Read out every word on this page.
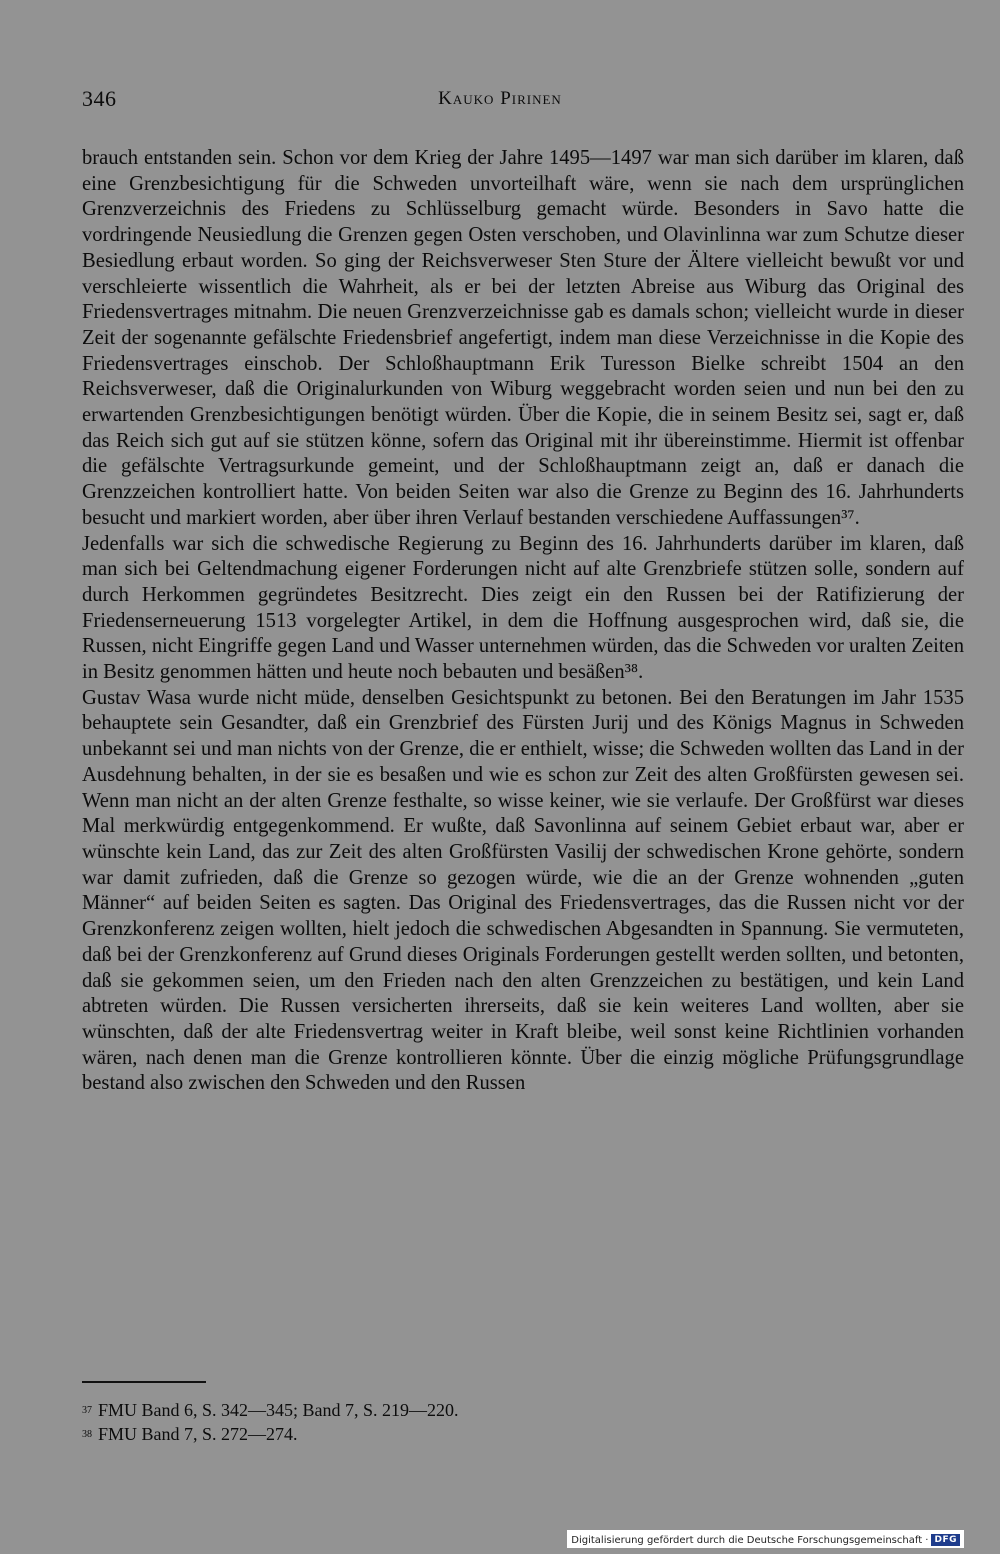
346	Kauko Pirinen

brauch entstanden sein. Schon vor dem Krieg der Jahre 1495—1497 war man sich darüber im klaren, daß eine Grenzbesichtigung für die Schweden unvorteilhaft wäre, wenn sie nach dem ursprünglichen Grenzverzeichnis des Friedens zu Schlüsselburg gemacht würde. Besonders in Savo hatte die vordringende Neusiedlung die Grenzen gegen Osten verschoben, und Olavinlinna war zum Schutze dieser Besiedlung erbaut worden. So ging der Reichsverweser Sten Sture der Ältere vielleicht bewußt vor und verschleierte wissentlich die Wahrheit, als er bei der letzten Abreise aus Wiburg das Original des Friedensvertrages mitnahm. Die neuen Grenzverzeichnisse gab es damals schon; vielleicht wurde in dieser Zeit der sogenannte gefälschte Friedensbrief angefertigt, indem man diese Verzeichnisse in die Kopie des Friedensvertrages einschob. Der Schloßhauptmann Erik Turesson Bielke schreibt 1504 an den Reichsverweser, daß die Originalurkunden von Wiburg weggebracht worden seien und nun bei den zu erwartenden Grenzbesichtigungen benötigt würden. Über die Kopie, die in seinem Besitz sei, sagt er, daß das Reich sich gut auf sie stützen könne, sofern das Original mit ihr übereinstimme. Hiermit ist offenbar die gefälschte Vertragsurkunde gemeint, und der Schloßhauptmann zeigt an, daß er danach die Grenzzeichen kontrolliert hatte. Von beiden Seiten war also die Grenze zu Beginn des 16. Jahrhunderts besucht und markiert worden, aber über ihren Verlauf bestanden verschiedene Auffassungen³⁷.

Jedenfalls war sich die schwedische Regierung zu Beginn des 16. Jahrhunderts darüber im klaren, daß man sich bei Geltendmachung eigener Forderungen nicht auf alte Grenzbriefe stützen solle, sondern auf durch Herkommen gegründetes Besitzrecht. Dies zeigt ein den Russen bei der Ratifizierung der Friedenserneuerung 1513 vorgelegter Artikel, in dem die Hoffnung ausgesprochen wird, daß sie, die Russen, nicht Eingriffe gegen Land und Wasser unternehmen würden, das die Schweden vor uralten Zeiten in Besitz genommen hätten und heute noch bebauten und besäßen³⁸.

Gustav Wasa wurde nicht müde, denselben Gesichtspunkt zu betonen. Bei den Beratungen im Jahr 1535 behauptete sein Gesandter, daß ein Grenzbrief des Fürsten Jurij und des Königs Magnus in Schweden unbekannt sei und man nichts von der Grenze, die er enthielt, wisse; die Schweden wollten das Land in der Ausdehnung behalten, in der sie es besaßen und wie es schon zur Zeit des alten Großfürsten gewesen sei. Wenn man nicht an der alten Grenze festhalte, so wisse keiner, wie sie verlaufe. Der Großfürst war dieses Mal merkwürdig entgegenkommend. Er wußte, daß Savonlinna auf seinem Gebiet erbaut war, aber er wünschte kein Land, das zur Zeit des alten Großfürsten Vasilij der schwedischen Krone gehörte, sondern war damit zufrieden, daß die Grenze so gezogen würde, wie die an der Grenze wohnenden „guten Männer“ auf beiden Seiten es sagten. Das Original des Friedensvertrages, das die Russen nicht vor der Grenzkonferenz zeigen wollten, hielt jedoch die schwedischen Abgesandten in Spannung. Sie vermuteten, daß bei der Grenzkonferenz auf Grund dieses Originals Forderungen gestellt werden sollten, und betonten, daß sie gekommen seien, um den Frieden nach den alten Grenzzeichen zu bestätigen, und kein Land abtreten würden. Die Russen versicherten ihrerseits, daß sie kein weiteres Land wollten, aber sie wünschten, daß der alte Friedensvertrag weiter in Kraft bleibe, weil sonst keine Richtlinien vorhanden wären, nach denen man die Grenze kontrollieren könnte. Über die einzig mögliche Prüfungsgrundlage bestand also zwischen den Schweden und den Russen

$^{37}$ FMU Band 6, S. 342—345; Band 7, S. 219—220.
$^{38}$ FMU Band 7, S. 272—274.
Digitalisierung gefördert durch die Deutsche Forschungsgemeinschaft · DFG
